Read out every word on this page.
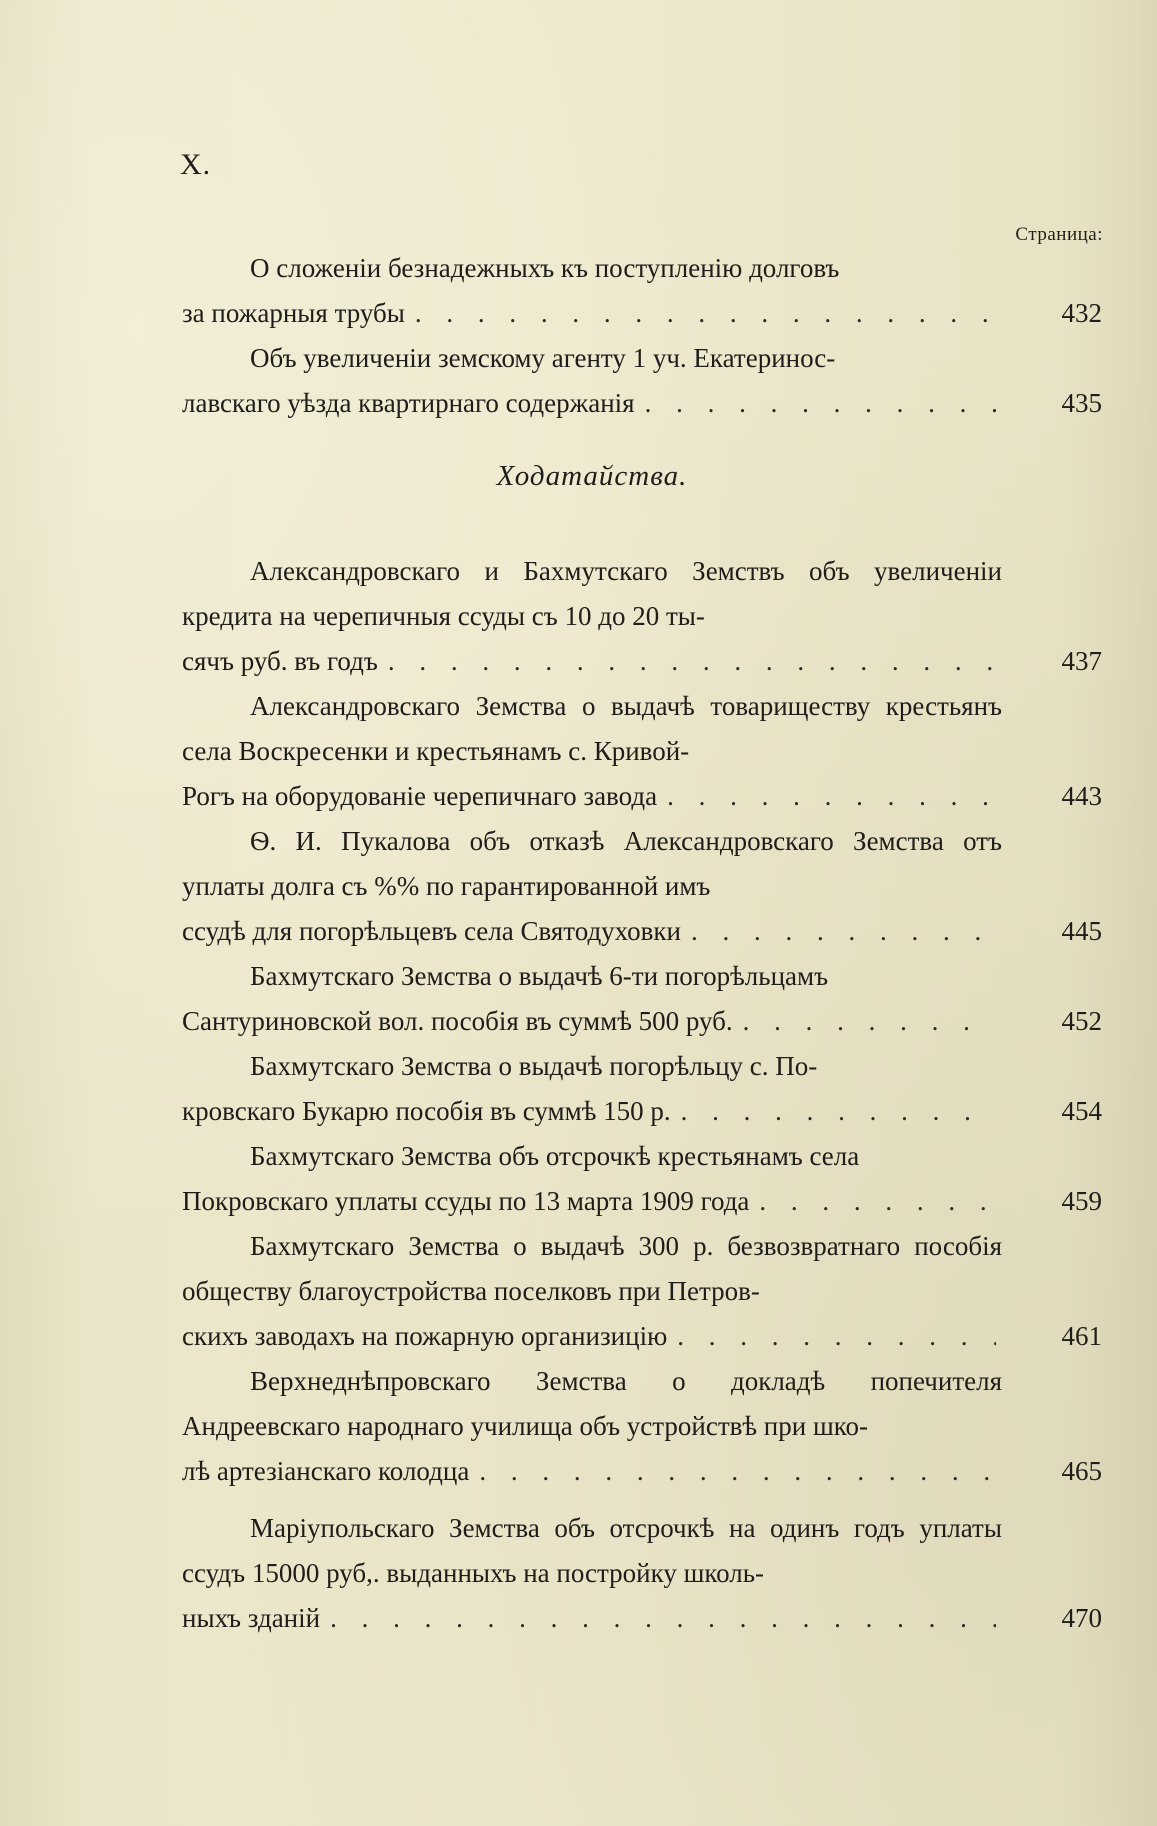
X.
Страница:
О сложеніи безнадежныхъ къ поступленію долговъ
за пожарныя трубы . . .	432
Объ увеличеніи земскому агенту 1 уч. Екатеринос-
лавскаго уѣзда квартирнаго содержанія . . .	435
Ходатайства.
Александровскаго и Бахмутскаго Земствъ объ увеличеніи кредита на черепичныя ссуды съ 10 до 20 ты-
сячъ руб. въ годъ . . .	437
Александровскаго Земства о выдачѣ товариществу крестьянъ села Воскресенки и крестьянамъ с. Кривой-
Рогъ на оборудованіе черепичнаго завода . . .	443
Ѳ. И. Пукалова объ отказѣ Александровскаго Земства отъ уплаты долга съ %% по гарантированной имъ
ссудѣ для погорѣльцевъ села Святодуховки . . .	445
Бахмутскаго Земства о выдачѣ 6-ти погорѣльцамъ
Сантуриновской вол. пособія въ суммѣ 500 руб. . . .	452
Бахмутскаго Земства о выдачѣ погорѣльцу с. По-
кровскаго Букарю пособія въ суммѣ 150 р. . . .	454
Бахмутскаго Земства объ отсрочкѣ крестьянамъ села
Покровскаго уплаты ссуды по 13 марта 1909 года . . .	459
Бахмутскаго Земства о выдачѣ 300 р. безвозвратнаго пособія обществу благоустройства поселковъ при Петров-
скихъ заводахъ на пожарную организицію . . .	461
Верхнеднѣпровскаго Земства о докладѣ попечителя Андреевскаго народнаго училища объ устройствѣ при шко-
лѣ артезіанскаго колодца . . .	465
Маріупольскаго Земства объ отсрочкѣ на одинъ годъ уплаты ссудъ 15000 руб,. выданныхъ на постройку школь-
ныхъ зданій . . .	470
